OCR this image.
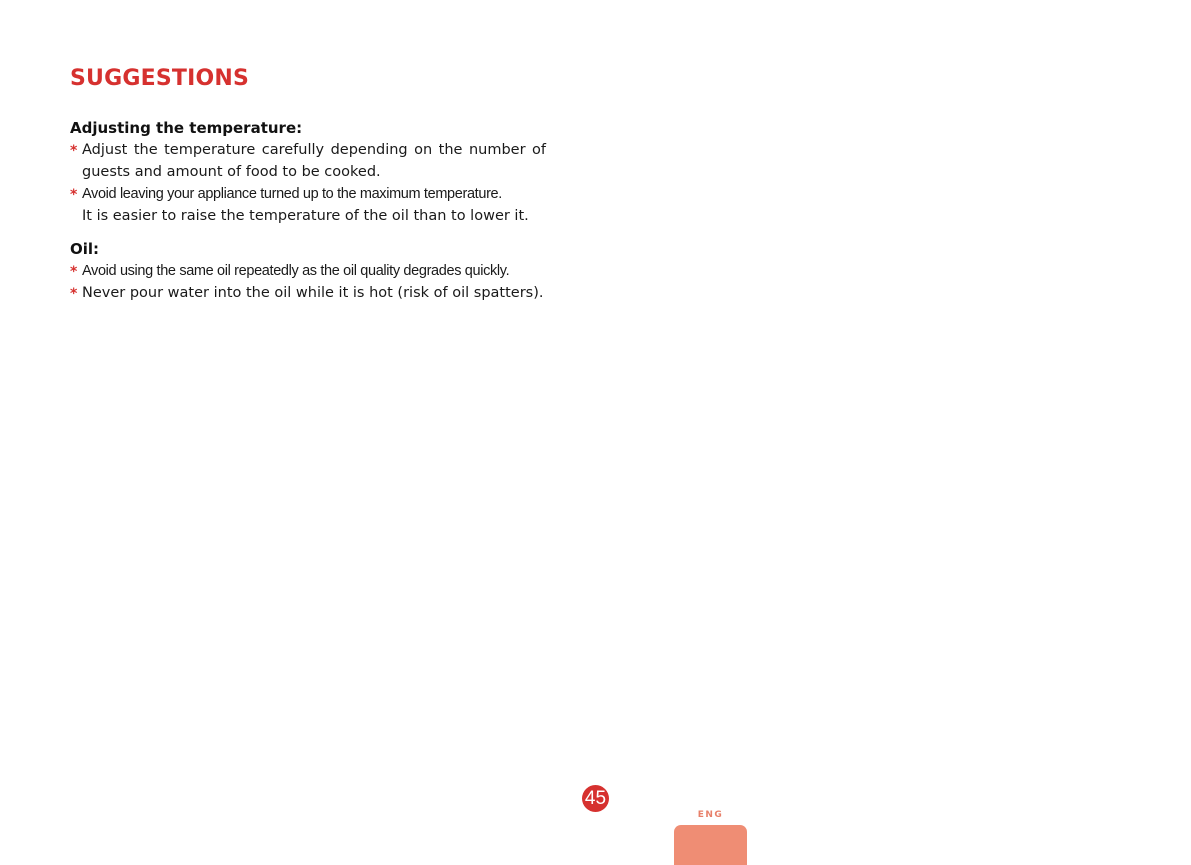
SUGGESTIONS
Adjusting the temperature:
* Adjust the temperature carefully depending on the number of guests and amount of food to be cooked.
* Avoid leaving your appliance turned up to the maximum temperature.
It is easier to raise the temperature of the oil than to lower it.
Oil:
* Avoid using the same oil repeatedly as the oil quality degrades quickly.
* Never pour water into the oil while it is hot (risk of oil spatters).
45
ENG
